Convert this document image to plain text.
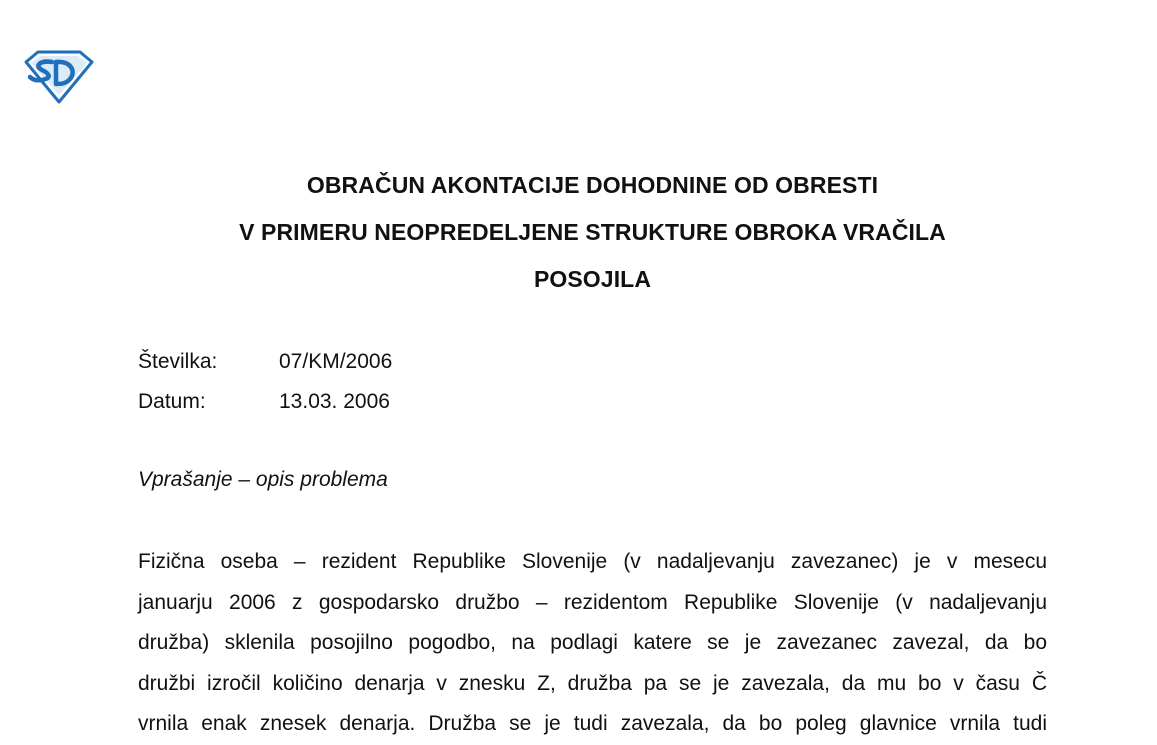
OBRAČUN AKONTACIJE DOHODNINE OD OBRESTI
V PRIMERU NEOPREDELJENE STRUKTURE OBROKA VRAČILA
POSOJILA
Številka:	07/KM/2006
Datum:	13.03. 2006
Vprašanje – opis problema
Fizična oseba – rezident Republike Slovenije (v nadaljevanju zavezanec) je v mesecu
januarju 2006 z gospodarsko družbo – rezidentom Republike Slovenije (v nadaljevanju
družba) sklenila posojilno pogodbo, na podlagi katere se je zavezanec zavezal, da bo
družbi izročil količino denarja v znesku Z, družba pa se je zavezala, da mu bo v času Č
vrnila enak znesek denarja. Družba se je tudi zavezala, da bo poleg glavnice vrnila tudi
